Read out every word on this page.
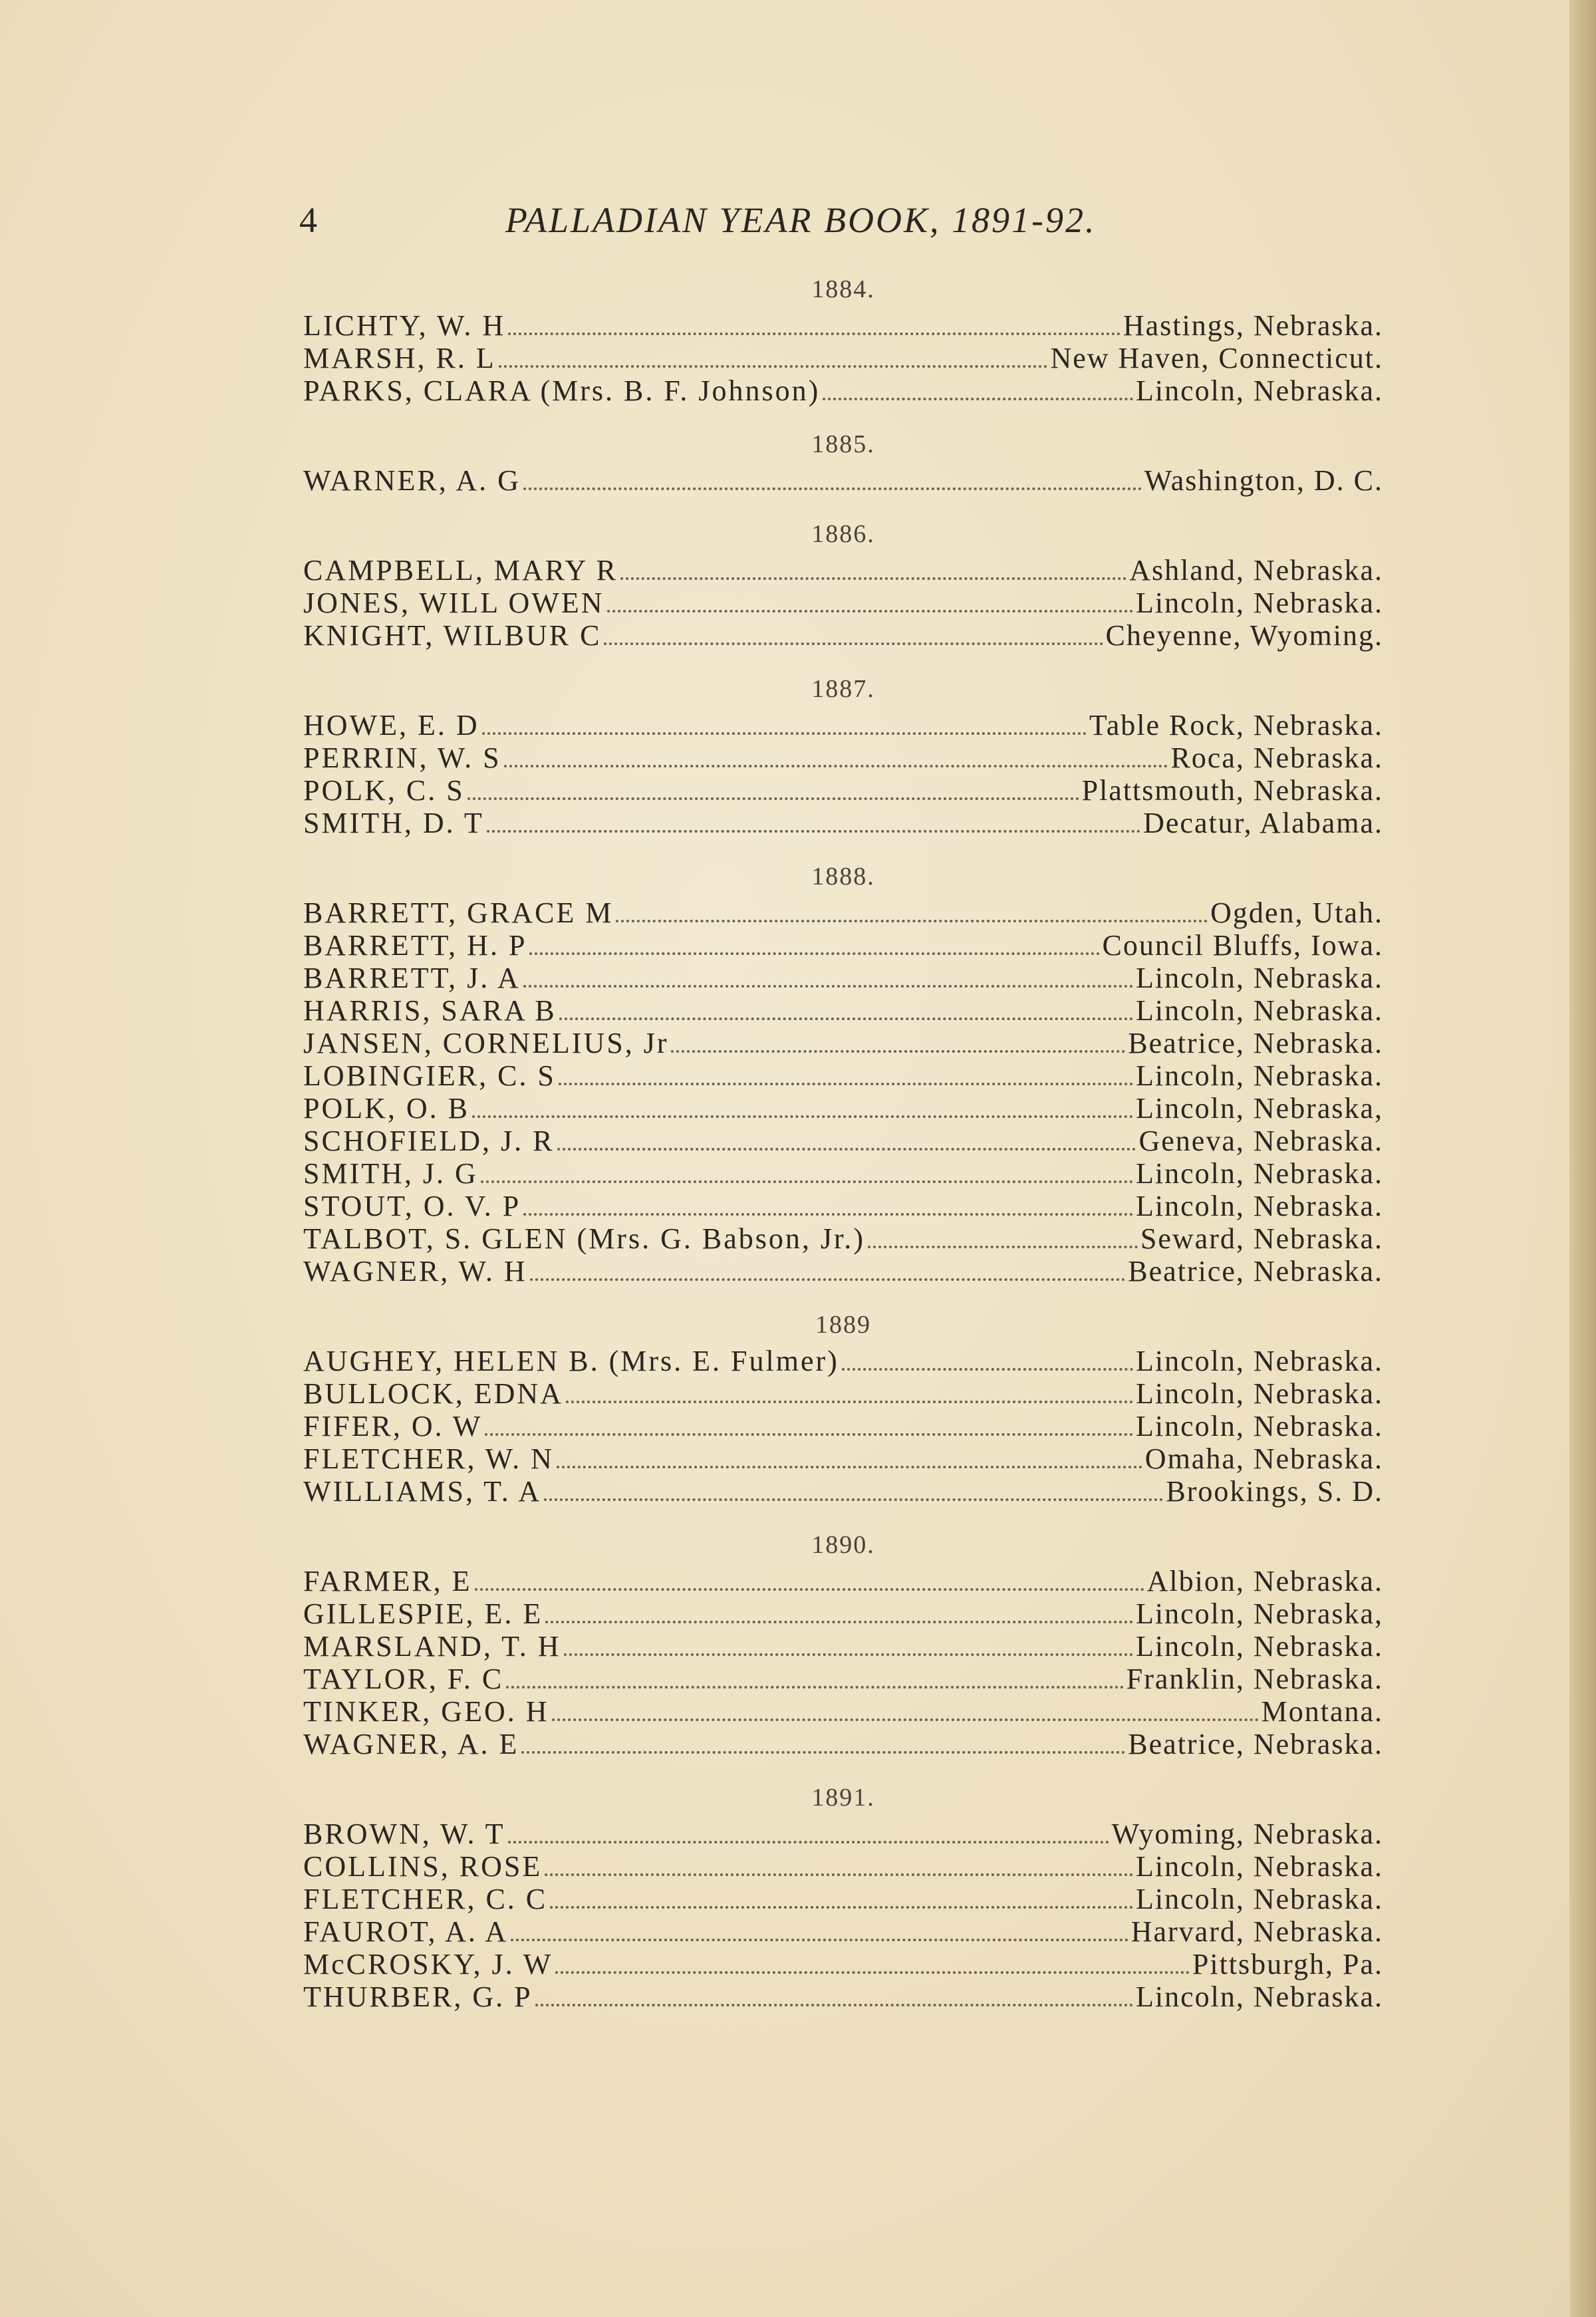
4	PALLADIAN YEAR BOOK, 1891-92.
1884.
LICHTY, W. H	Hastings, Nebraska.
MARSH, R. L	New Haven, Connecticut.
PARKS, CLARA (Mrs. B. F. Johnson)	Lincoln, Nebraska.
1885.
WARNER, A. G	Washington, D. C.
1886.
CAMPBELL, MARY R	Ashland, Nebraska.
JONES, WILL OWEN	Lincoln, Nebraska.
KNIGHT, WILBUR C	Cheyenne, Wyoming.
1887.
HOWE, E. D	Table Rock, Nebraska.
PERRIN, W. S	Roca, Nebraska.
POLK, C. S	Plattsmouth, Nebraska.
SMITH, D. T	Decatur, Alabama.
1888.
BARRETT, GRACE M	Ogden, Utah.
BARRETT, H. P	Council Bluffs, Iowa.
BARRETT, J. A	Lincoln, Nebraska.
HARRIS, SARA B	Lincoln, Nebraska.
JANSEN, CORNELIUS, Jr	Beatrice, Nebraska.
LOBINGIER, C. S	Lincoln, Nebraska.
POLK, O. B	Lincoln, Nebraska,
SCHOFIELD, J. R	Geneva, Nebraska.
SMITH, J. G	Lincoln, Nebraska.
STOUT, O. V. P	Lincoln, Nebraska.
TALBOT, S. GLEN (Mrs. G. Babson, Jr.)	Seward, Nebraska.
WAGNER, W. H	Beatrice, Nebraska.
1889
AUGHEY, HELEN B. (Mrs. E. Fulmer)	Lincoln, Nebraska.
BULLOCK, EDNA	Lincoln, Nebraska.
FIFER, O. W	Lincoln, Nebraska.
FLETCHER, W. N	Omaha, Nebraska.
WILLIAMS, T. A	Brookings, S. D.
1890.
FARMER, E	Albion, Nebraska.
GILLESPIE, E. E	Lincoln, Nebraska,
MARSLAND, T. H	Lincoln, Nebraska.
TAYLOR, F. C	Franklin, Nebraska.
TINKER, GEO. H	Montana.
WAGNER, A. E	Beatrice, Nebraska.
1891.
BROWN, W. T	Wyoming, Nebraska.
COLLINS, ROSE	Lincoln, Nebraska.
FLETCHER, C. C	Lincoln, Nebraska.
FAUROT, A. A	Harvard, Nebraska.
McCROSKY, J. W	Pittsburgh, Pa.
THURBER, G. P	Lincoln, Nebraska.
